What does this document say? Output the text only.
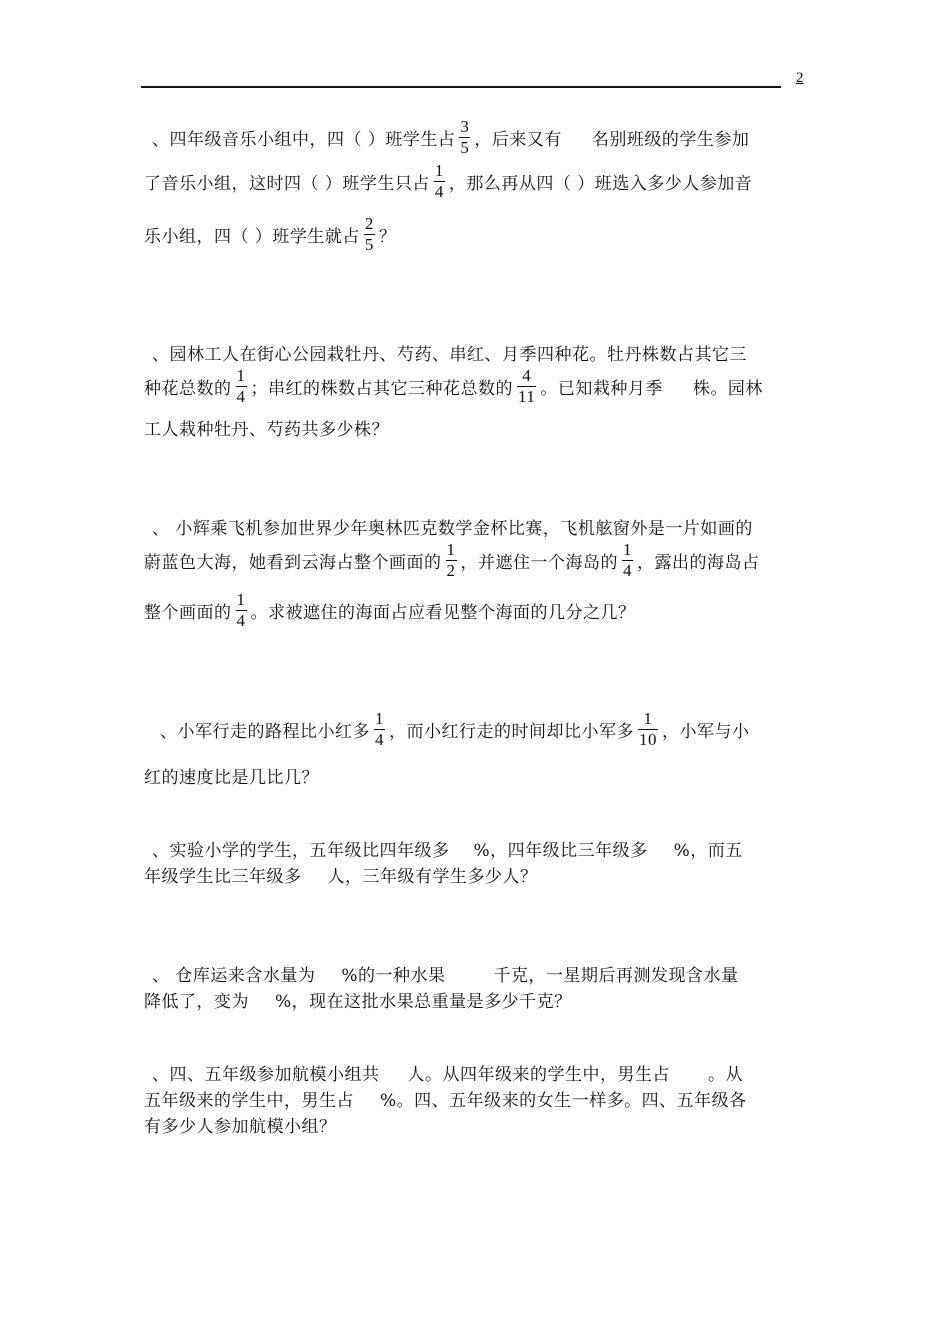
2
、四年级音乐小组中，四（ ）班学生占 $\frac{3}{5}$ ，后来又有 名别班级的学生参加
了音乐小组，这时四（ ）班学生只占 $\frac{1}{4}$ ，那么再从四（ ）班选入多少人参加音
乐小组，四（ ）班学生就占 $\frac{2}{5}$ ？
、园林工人在街心公园栽牡丹、芍药、串红、月季四种花。牡丹株数占其它三
种花总数的 $\frac{1}{4}$ ；串红的株数占其它三种花总数的 $\frac{4}{11}$ 。已知栽种月季 株。园林
工人栽种牡丹、芍药共多少株？
、 小辉乘飞机参加世界少年奥林匹克数学金杯比赛，飞机舷窗外是一片如画的
蔚蓝色大海，她看到云海占整个画面的 $\frac{1}{2}$ ，并遮住一个海岛的 $\frac{1}{4}$ ，露出的海岛占
整个画面的 $\frac{1}{4}$ 。求被遮住的海面占应看见整个海面的几分之几？
、小军行走的路程比小红多 $\frac{1}{4}$ ，而小红行走的时间却比小军多 $\frac{1}{10}$ ，小军与小
红的速度比是几比几？
、实验小学的学生，五年级比四年级多 %，四年级比三年级多 %，而五
年级学生比三年级多 人，三年级有学生多少人？
、 仓库运来含水量为 %的一种水果	千克，一星期后再测发现含水量
降低了，变为 %，现在这批水果总重量是多少千克？
、四、五年级参加航模小组共 人。从四年级来的学生中，男生占 。从
五年级来的学生中，男生占 %。四、五年级来的女生一样多。四、五年级各
有多少人参加航模小组？
